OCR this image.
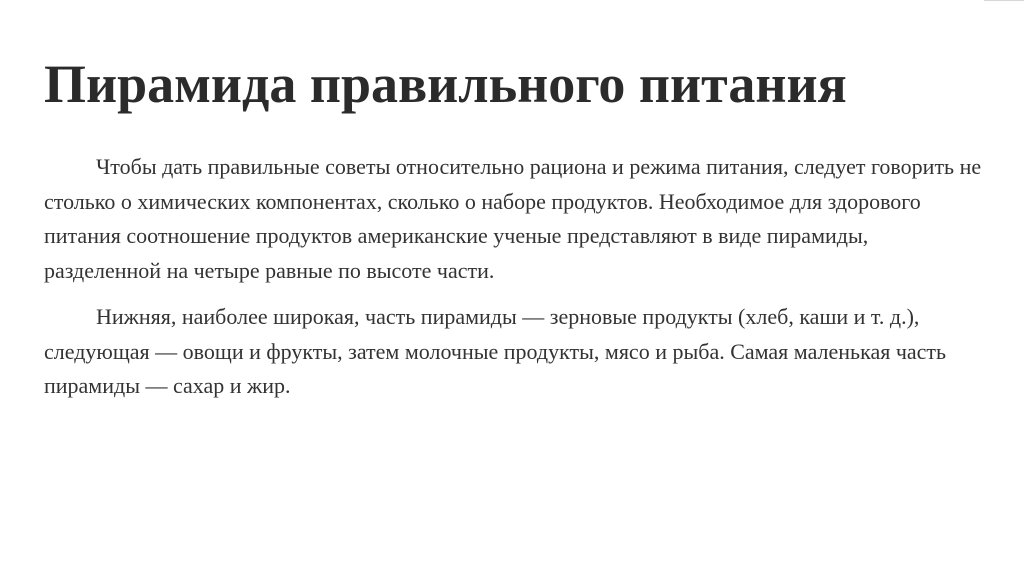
Пирамида правильного питания

Чтобы дать правильные советы относительно рациона и режима питания, следует говорить не столько о химических компонентах, сколько о наборе продуктов. Необходимое для здорового питания соотношение продуктов американские ученые представляют в виде пирамиды, разделенной на четыре равные по высоте части.

Нижняя, наиболее широкая, часть пирамиды — зерновые продукты (хлеб, каши и т. д.), следующая — овощи и фрукты, затем молочные продукты, мясо и рыба. Самая маленькая часть пирамиды — сахар и жир.
